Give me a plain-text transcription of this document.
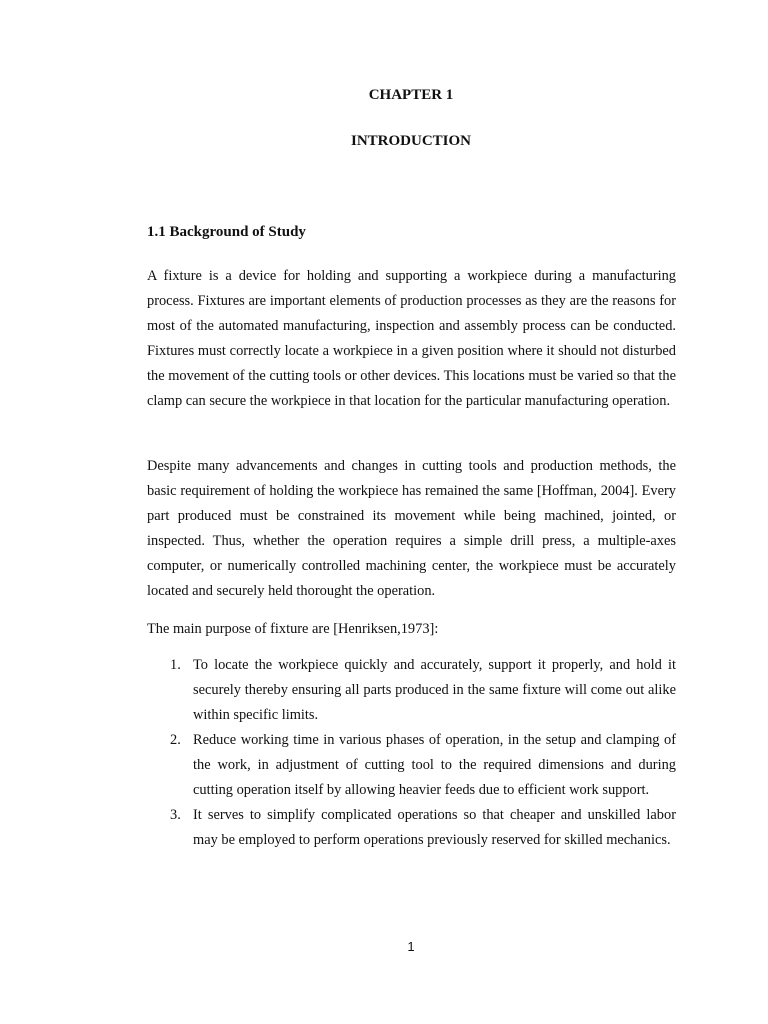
CHAPTER 1
INTRODUCTION
1.1 Background of Study

A fixture is a device for holding and supporting a workpiece during a manufacturing process. Fixtures are important elements of production processes as they are the reasons for most of the automated manufacturing, inspection and assembly process can be conducted. Fixtures must correctly locate a workpiece in a given position where it should not disturbed the movement of the cutting tools or other devices. This locations must be varied so that the clamp can secure the workpiece in that location for the particular manufacturing operation.

Despite many advancements and changes in cutting tools and production methods, the basic requirement of holding the workpiece has remained the same [Hoffman, 2004]. Every part produced must be constrained its movement while being machined, jointed, or inspected. Thus, whether the operation requires a simple drill press, a multiple-axes computer, or numerically controlled machining center, the workpiece must be accurately located and securely held thorought the operation.

The main purpose of fixture are [Henriksen,1973]:

1. To locate the workpiece quickly and accurately, support it properly, and hold it securely thereby ensuring all parts produced in the same fixture will come out alike within specific limits.
2. Reduce working time in various phases of operation, in the setup and clamping of the work, in adjustment of cutting tool to the required dimensions and during cutting operation itself by allowing heavier feeds due to efficient work support.
3. It serves to simplify complicated operations so that cheaper and unskilled labor may be employed to perform operations previously reserved for skilled mechanics.
1
